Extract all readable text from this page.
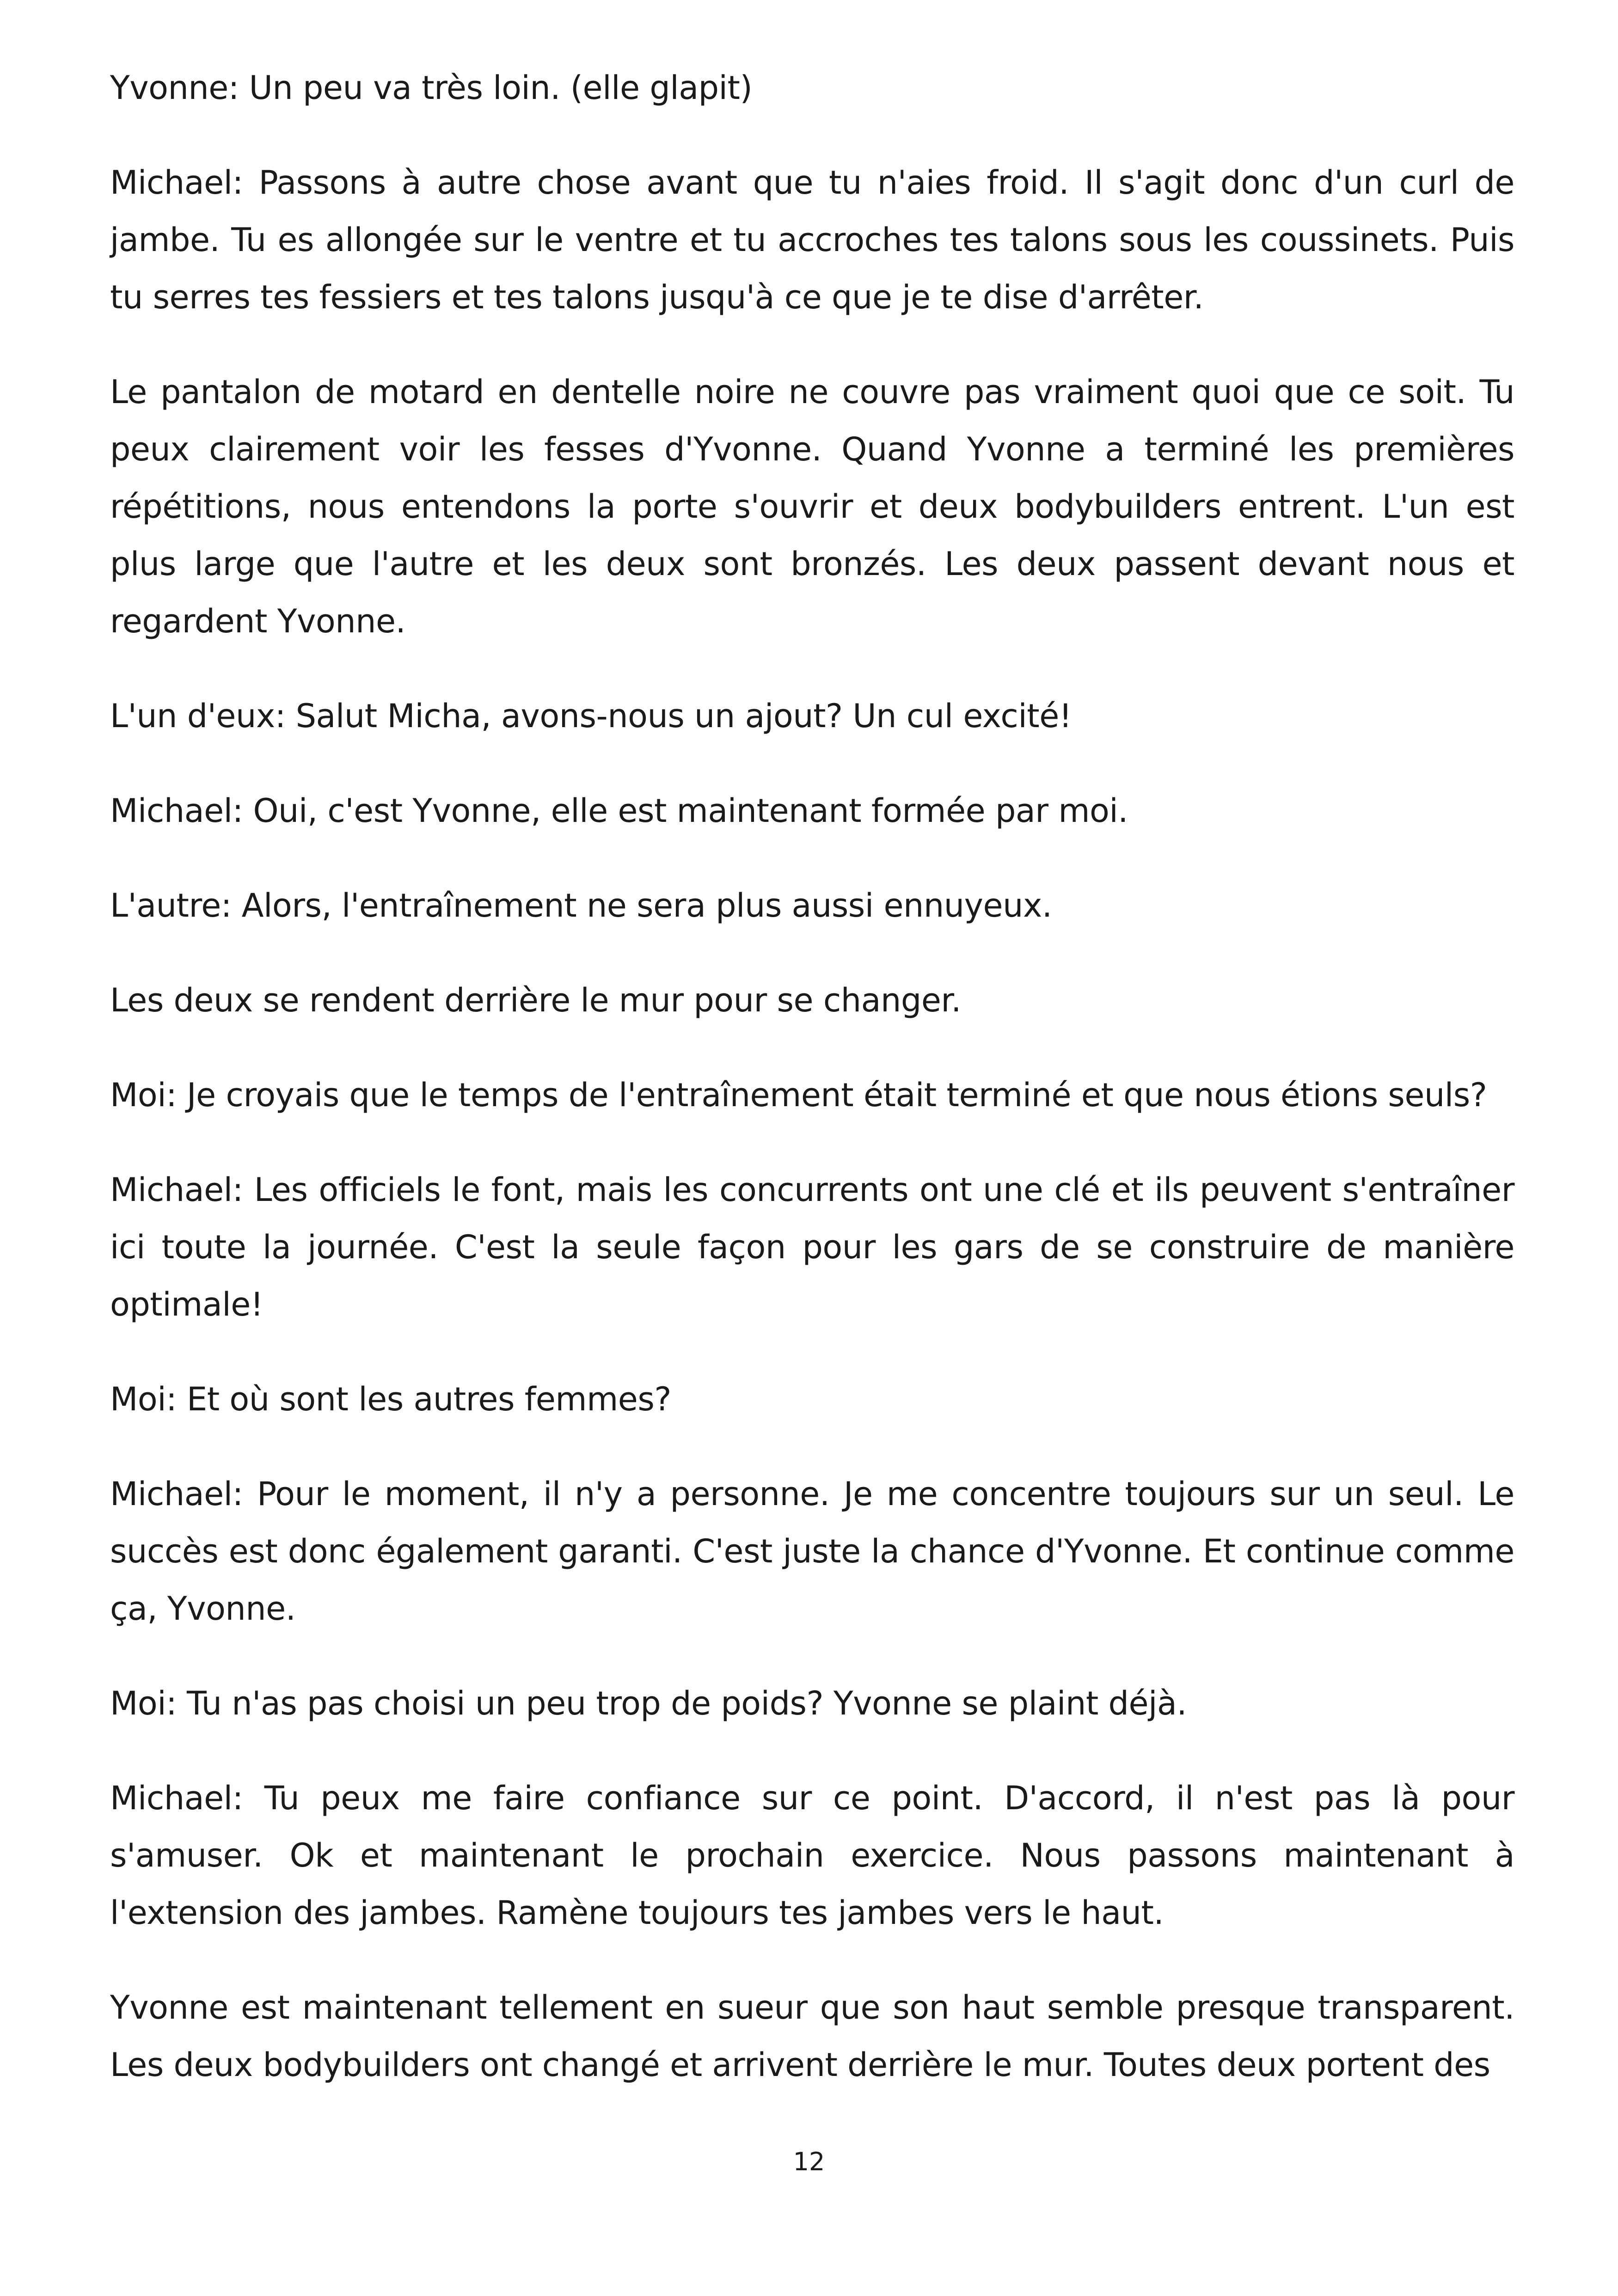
Yvonne: Un peu va très loin. (elle glapit)

Michael: Passons à autre chose avant que tu n'aies froid. Il s'agit donc d'un curl de jambe. Tu es allongée sur le ventre et tu accroches tes talons sous les coussinets. Puis tu serres tes fessiers et tes talons jusqu'à ce que je te dise d'arrêter.

Le pantalon de motard en dentelle noire ne couvre pas vraiment quoi que ce soit. Tu peux clairement voir les fesses d'Yvonne. Quand Yvonne a terminé les premières répétitions, nous entendons la porte s'ouvrir et deux bodybuilders entrent. L'un est plus large que l'autre et les deux sont bronzés. Les deux passent devant nous et regardent Yvonne.

L'un d'eux: Salut Micha, avons-nous un ajout? Un cul excité!

Michael: Oui, c'est Yvonne, elle est maintenant formée par moi.

L'autre: Alors, l'entraînement ne sera plus aussi ennuyeux.

Les deux se rendent derrière le mur pour se changer.

Moi: Je croyais que le temps de l'entraînement était terminé et que nous étions seuls?

Michael: Les officiels le font, mais les concurrents ont une clé et ils peuvent s'entraîner ici toute la journée. C'est la seule façon pour les gars de se construire de manière optimale!

Moi: Et où sont les autres femmes?

Michael: Pour le moment, il n'y a personne. Je me concentre toujours sur un seul. Le succès est donc également garanti. C'est juste la chance d'Yvonne. Et continue comme ça, Yvonne.

Moi: Tu n'as pas choisi un peu trop de poids? Yvonne se plaint déjà.

Michael: Tu peux me faire confiance sur ce point. D'accord, il n'est pas là pour s'amuser. Ok et maintenant le prochain exercice. Nous passons maintenant à l'extension des jambes. Ramène toujours tes jambes vers le haut.

Yvonne est maintenant tellement en sueur que son haut semble presque transparent. Les deux bodybuilders ont changé et arrivent derrière le mur. Toutes deux portent des

12
